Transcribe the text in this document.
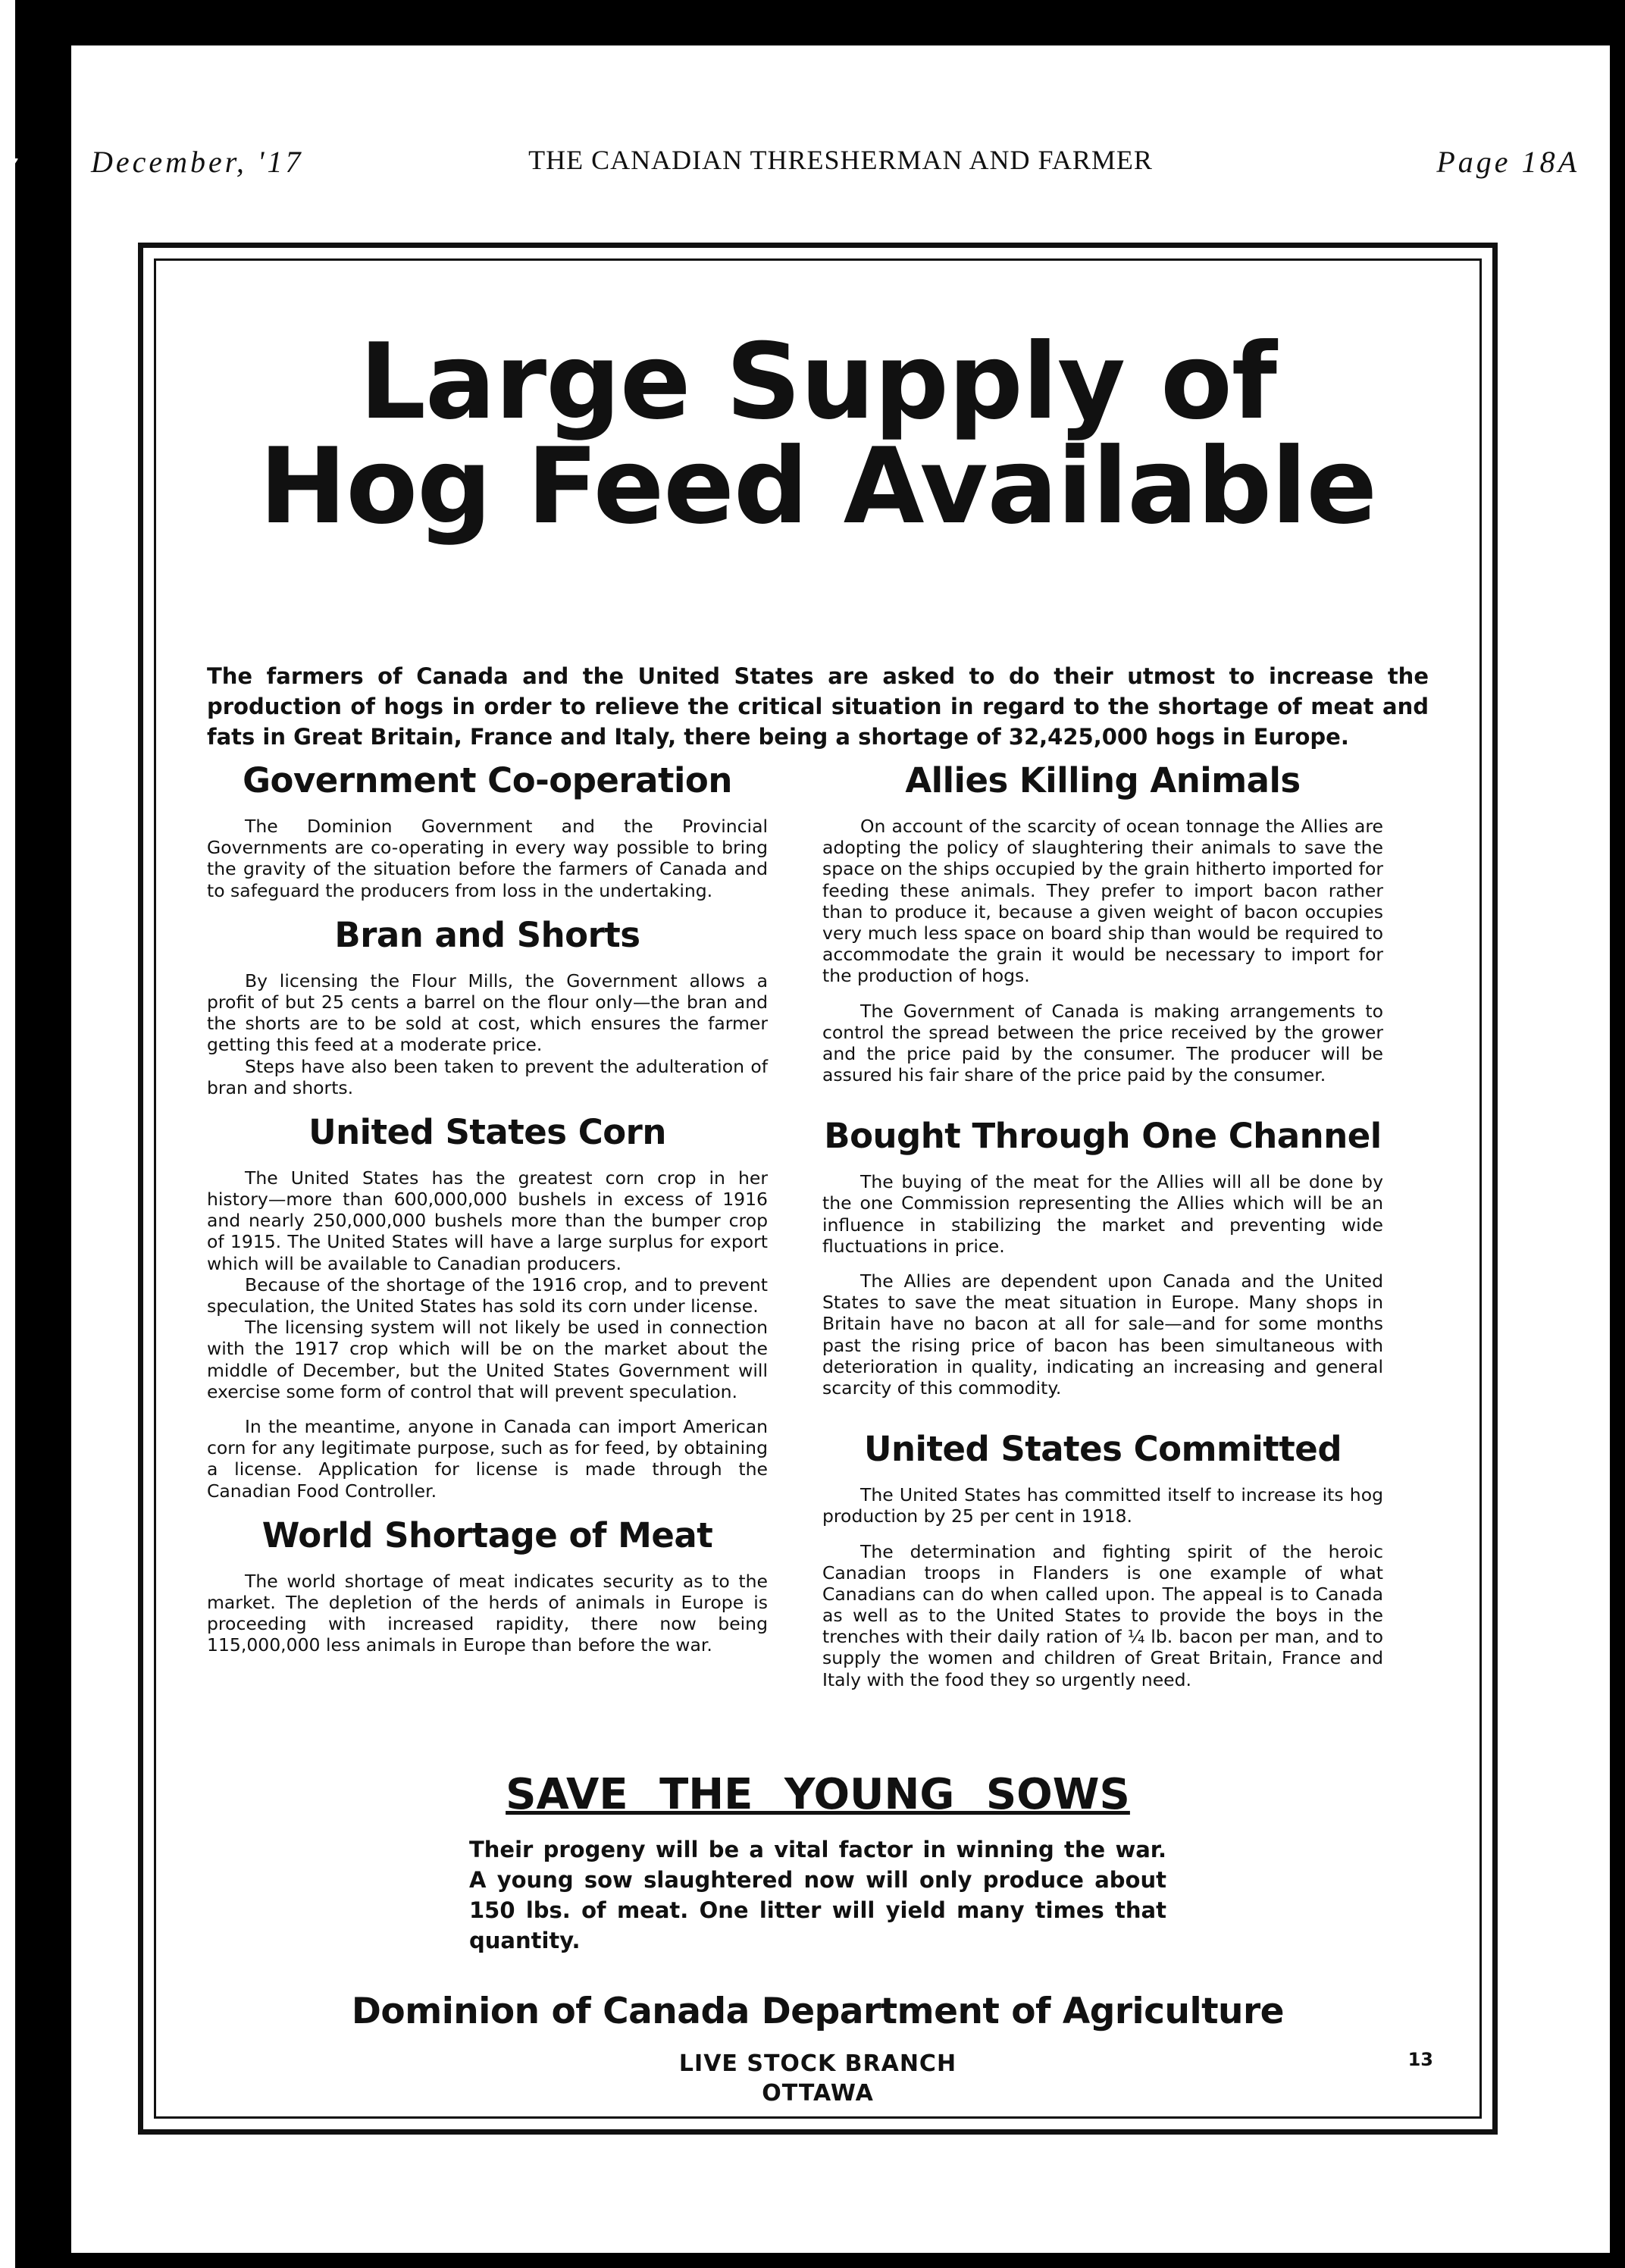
7 December, '17	THE CANADIAN THRESHERMAN AND FARMER	Page 18A
Large Supply of
Hog Feed Available

The farmers of Canada and the United States are asked to do their utmost to increase the production of hogs in order to relieve the critical situation in regard to the shortage of meat and fats in Great Britain, France and Italy, there being a shortage of 32,425,000 hogs in Europe.

Government Co-operation

The Dominion Government and the Provincial Governments are co-operating in every way possible to bring the gravity of the situation before the farmers of Canada and to safeguard the producers from loss in the undertaking.

Bran and Shorts

By licensing the Flour Mills, the Government allows a profit of but 25 cents a barrel on the flour only—the bran and the shorts are to be sold at cost, which ensures the farmer getting this feed at a moderate price.

Steps have also been taken to prevent the adulteration of bran and shorts.

United States Corn

The United States has the greatest corn crop in her history—more than 600,000,000 bushels in excess of 1916 and nearly 250,000,000 bushels more than the bumper crop of 1915. The United States will have a large surplus for export which will be available to Canadian producers.

Because of the shortage of the 1916 crop, and to prevent speculation, the United States has sold its corn under license.

The licensing system will not likely be used in connection with the 1917 crop which will be on the market about the middle of December, but the United States Government will exercise some form of control that will prevent speculation.

In the meantime, anyone in Canada can import American corn for any legitimate purpose, such as for feed, by obtaining a license. Application for license is made through the Canadian Food Controller.

World Shortage of Meat

The world shortage of meat indicates security as to the market. The depletion of the herds of animals in Europe is proceeding with increased rapidity, there now being 115,000,000 less animals in Europe than before the war.

Allies Killing Animals

On account of the scarcity of ocean tonnage the Allies are adopting the policy of slaughtering their animals to save the space on the ships occupied by the grain hitherto imported for feeding these animals. They prefer to import bacon rather than to produce it, because a given weight of bacon occupies very much less space on board ship than would be required to accommodate the grain it would be necessary to import for the production of hogs.

The Government of Canada is making arrangements to control the spread between the price received by the grower and the price paid by the consumer. The producer will be assured his fair share of the price paid by the consumer.

Bought Through One Channel

The buying of the meat for the Allies will all be done by the one Commission representing the Allies which will be an influence in stabilizing the market and preventing wide fluctuations in price.

The Allies are dependent upon Canada and the United States to save the meat situation in Europe. Many shops in Britain have no bacon at all for sale—and for some months past the rising price of bacon has been simultaneous with deterioration in quality, indicating an increasing and general scarcity of this commodity.

United States Committed

The United States has committed itself to increase its hog production by 25 per cent in 1918.

The determination and fighting spirit of the heroic Canadian troops in Flanders is one example of what Canadians can do when called upon. The appeal is to Canada as well as to the United States to provide the boys in the trenches with their daily ration of ¼ lb. bacon per man, and to supply the women and children of Great Britain, France and Italy with the food they so urgently need.

SAVE THE YOUNG SOWS

Their progeny will be a vital factor in winning the war. A young sow slaughtered now will only produce about 150 lbs. of meat. One litter will yield many times that quantity.

Dominion of Canada Department of Agriculture
LIVE STOCK BRANCH
OTTAWA
13
